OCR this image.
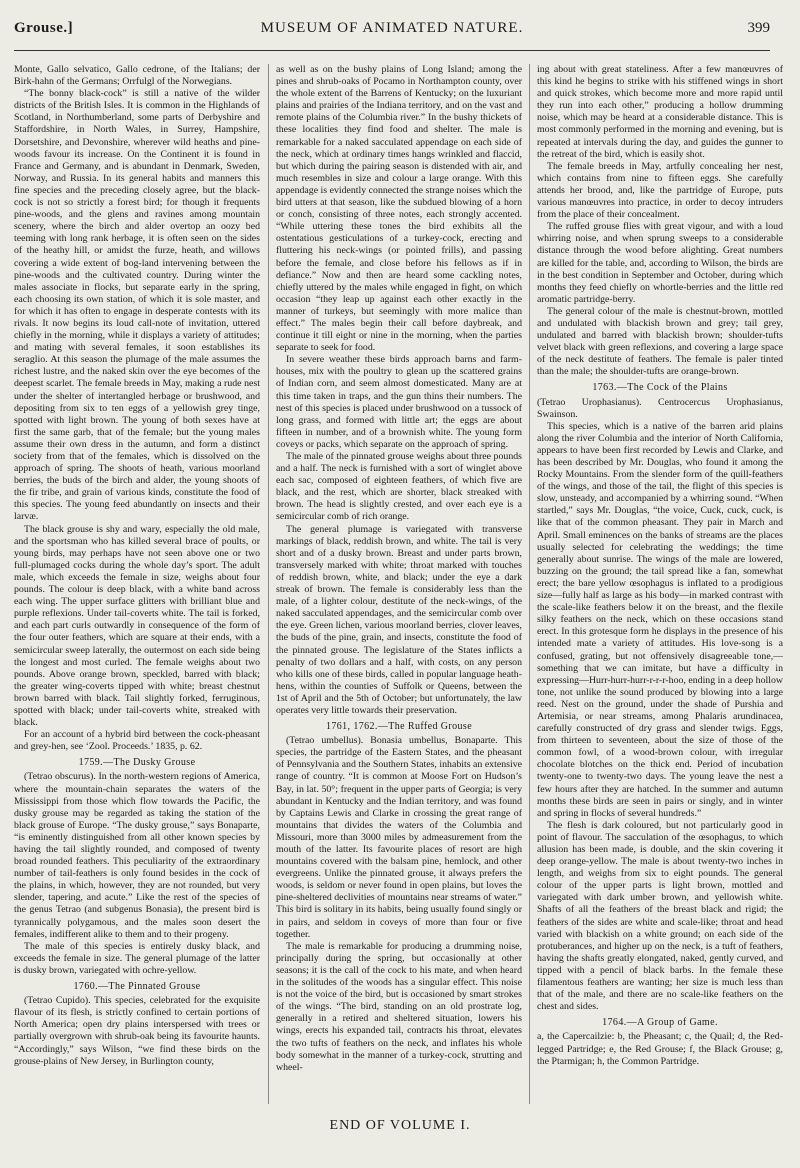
Grouse.]	MUSEUM OF ANIMATED NATURE.	399

Monte, Gallo selvatico, Gallo cedrone, of the Italians; der Birk-hahn of the Germans; Orrfulgl of the Norwegians.

“The bonny black-cock” is still a native of the wilder districts of the British Isles. It is common in the Highlands of Scotland, in Northumberland, some parts of Derbyshire and Staffordshire, in North Wales, in Surrey, Hampshire, Dorsetshire, and Devonshire, wherever wild heaths and pine-woods favour its increase. On the Continent it is found in France and Germany, and is abundant in Denmark, Sweden, Norway, and Russia. In its general habits and manners this fine species and the preceding closely agree, but the black-cock is not so strictly a forest bird; for though it frequents pine-woods, and the glens and ravines among mountain scenery, where the birch and alder overtop an oozy bed teeming with long rank herbage, it is often seen on the sides of the heathy hill, or amidst the furze, heath, and willows covering a wide extent of bog-land intervening between the pine-woods and the cultivated country. During winter the males associate in flocks, but separate early in the spring, each choosing its own station, of which it is sole master, and for which it has often to engage in desperate contests with its rivals. It now begins its loud call-note of invitation, uttered chiefly in the morning, while it displays a variety of attitudes; and mating with several females, it soon establishes its seraglio. At this season the plumage of the male assumes the richest lustre, and the naked skin over the eye becomes of the deepest scarlet. The female breeds in May, making a rude nest under the shelter of intertangled herbage or brushwood, and depositing from six to ten eggs of a yellowish grey tinge, spotted with light brown. The young of both sexes have at first the same garb, that of the female; but the young males assume their own dress in the autumn, and form a distinct society from that of the females, which is dissolved on the approach of spring. The shoots of heath, various moorland berries, the buds of the birch and alder, the young shoots of the fir tribe, and grain of various kinds, constitute the food of this species. The young feed abundantly on insects and their larvæ.

The black grouse is shy and wary, especially the old male, and the sportsman who has killed several brace of poults, or young birds, may perhaps have not seen above one or two full-plumaged cocks during the whole day’s sport. The adult male, which exceeds the female in size, weighs about four pounds. The colour is deep black, with a white band across each wing. The upper surface glitters with brilliant blue and purple reflexions. Under tail-coverts white. The tail is forked, and each part curls outwardly in consequence of the form of the four outer feathers, which are square at their ends, with a semicircular sweep laterally, the outermost on each side being the longest and most curled. The female weighs about two pounds. Above orange brown, speckled, barred with black; the greater wing-coverts tipped with white; breast chestnut brown barred with black. Tail slightly forked, ferruginous, spotted with black; under tail-coverts white, streaked with black.

For an account of a hybrid bird between the cock-pheasant and grey-hen, see ‘Zool. Proceeds.’ 1835, p. 62.

1759.—The Dusky Grouse

(Tetrao obscurus). In the north-western regions of America, where the mountain-chain separates the waters of the Mississippi from those which flow towards the Pacific, the dusky grouse may be regarded as taking the station of the black grouse of Europe. “The dusky grouse,” says Bonaparte, “is eminently distinguished from all other known species by having the tail slightly rounded, and composed of twenty broad rounded feathers. This peculiarity of the extraordinary number of tail-feathers is only found besides in the cock of the plains, in which, however, they are not rounded, but very slender, tapering, and acute.” Like the rest of the species of the genus Tetrao (and subgenus Bonasia), the present bird is tyrannically polygamous, and the males soon desert the females, indifferent alike to them and to their progeny.

The male of this species is entirely dusky black, and exceeds the female in size. The general plumage of the latter is dusky brown, variegated with ochre-yellow.

1760.—The Pinnated Grouse

(Tetrao Cupido). This species, celebrated for the exquisite flavour of its flesh, is strictly confined to certain portions of North America; open dry plains interspersed with trees or partially overgrown with shrub-oak being its favourite haunts. “Accordingly,” says Wilson, “we find these birds on the grouse-plains of New Jersey, in Burlington county,

as well as on the bushy plains of Long Island; among the pines and shrub-oaks of Pocamo in Northampton county, over the whole extent of the Barrens of Kentucky; on the luxuriant plains and prairies of the Indiana territory, and on the vast and remote plains of the Columbia river.” In the bushy thickets of these localities they find food and shelter. The male is remarkable for a naked sacculated appendage on each side of the neck, which at ordinary times hangs wrinkled and flaccid, but which during the pairing season is distended with air, and much resembles in size and colour a large orange. With this appendage is evidently connected the strange noises which the bird utters at that season, like the subdued blowing of a horn or conch, consisting of three notes, each strongly accented. “While uttering these tones the bird exhibits all the ostentatious gesticulations of a turkey-cock, erecting and fluttering his neck-wings (or pointed frills), and passing before the female, and close before his fellows as if in defiance.” Now and then are heard some cackling notes, chiefly uttered by the males while engaged in fight, on which occasion “they leap up against each other exactly in the manner of turkeys, but seemingly with more malice than effect.” The males begin their call before daybreak, and continue it till eight or nine in the morning, when the parties separate to seek for food.

In severe weather these birds approach barns and farm-houses, mix with the poultry to glean up the scattered grains of Indian corn, and seem almost domesticated. Many are at this time taken in traps, and the gun thins their numbers. The nest of this species is placed under brushwood on a tussock of long grass, and formed with little art; the eggs are about fifteen in number, and of a brownish white. The young form coveys or packs, which separate on the approach of spring.

The male of the pinnated grouse weighs about three pounds and a half. The neck is furnished with a sort of winglet above each sac, composed of eighteen feathers, of which five are black, and the rest, which are shorter, black streaked with brown. The head is slightly crested, and over each eye is a semicircular comb of rich orange.

The general plumage is variegated with transverse markings of black, reddish brown, and white. The tail is very short and of a dusky brown. Breast and under parts brown, transversely marked with white; throat marked with touches of reddish brown, white, and black; under the eye a dark streak of brown. The female is considerably less than the male, of a lighter colour, destitute of the neck-wings, of the naked sacculated appendages, and the semicircular comb over the eye. Green lichen, various moorland berries, clover leaves, the buds of the pine, grain, and insects, constitute the food of the pinnated grouse. The legislature of the States inflicts a penalty of two dollars and a half, with costs, on any person who kills one of these birds, called in popular language heath-hens, within the counties of Suffolk or Queens, between the 1st of April and the 5th of October; but unfortunately, the law operates very little towards their preservation.

1761, 1762.—The Ruffed Grouse

(Tetrao umbellus). Bonasia umbellus, Bonaparte. This species, the partridge of the Eastern States, and the pheasant of Pennsylvania and the Southern States, inhabits an extensive range of country. “It is common at Moose Fort on Hudson’s Bay, in lat. 50°; frequent in the upper parts of Georgia; is very abundant in Kentucky and the Indian territory, and was found by Captains Lewis and Clarke in crossing the great range of mountains that divides the waters of the Columbia and Missouri, more than 3000 miles by admeasurement from the mouth of the latter. Its favourite places of resort are high mountains covered with the balsam pine, hemlock, and other evergreens. Unlike the pinnated grouse, it always prefers the woods, is seldom or never found in open plains, but loves the pine-sheltered declivities of mountains near streams of water.” This bird is solitary in its habits, being usually found singly or in pairs, and seldom in coveys of more than four or five together.

The male is remarkable for producing a drumming noise, principally during the spring, but occasionally at other seasons; it is the call of the cock to his mate, and when heard in the solitudes of the woods has a singular effect. This noise is not the voice of the bird, but is occasioned by smart strokes of the wings. “The bird, standing on an old prostrate log, generally in a retired and sheltered situation, lowers his wings, erects his expanded tail, contracts his throat, elevates the two tufts of feathers on the neck, and inflates his whole body somewhat in the manner of a turkey-cock, strutting and wheel-

ing about with great stateliness. After a few manœuvres of this kind he begins to strike with his stiffened wings in short and quick strokes, which become more and more rapid until they run into each other,” producing a hollow drumming noise, which may be heard at a considerable distance. This is most commonly performed in the morning and evening, but is repeated at intervals during the day, and guides the gunner to the retreat of the bird, which is easily shot.

The female breeds in May, artfully concealing her nest, which contains from nine to fifteen eggs. She carefully attends her brood, and, like the partridge of Europe, puts various manœuvres into practice, in order to decoy intruders from the place of their concealment.

The ruffed grouse flies with great vigour, and with a loud whirring noise, and when sprung sweeps to a considerable distance through the wood before alighting. Great numbers are killed for the table, and, according to Wilson, the birds are in the best condition in September and October, during which months they feed chiefly on whortle-berries and the little red aromatic partridge-berry.

The general colour of the male is chestnut-brown, mottled and undulated with blackish brown and grey; tail grey, undulated and barred with blackish brown; shoulder-tufts velvet black with green reflexions, and covering a large space of the neck destitute of feathers. The female is paler tinted than the male; the shoulder-tufts are orange-brown.

1763.—The Cock of the Plains

(Tetrao Urophasianus). Centrocercus Urophasianus, Swainson.

This species, which is a native of the barren arid plains along the river Columbia and the interior of North California, appears to have been first recorded by Lewis and Clarke, and has been described by Mr. Douglas, who found it among the Rocky Mountains. From the slender form of the quill-feathers of the wings, and those of the tail, the flight of this species is slow, unsteady, and accompanied by a whirring sound. “When startled,” says Mr. Douglas, “the voice, Cuck, cuck, cuck, is like that of the common pheasant. They pair in March and April. Small eminences on the banks of streams are the places usually selected for celebrating the weddings; the time generally about sunrise. The wings of the male are lowered, buzzing on the ground; the tail spread like a fan, somewhat erect; the bare yellow œsophagus is inflated to a prodigious size—fully half as large as his body—in marked contrast with the scale-like feathers below it on the breast, and the flexile silky feathers on the neck, which on these occasions stand erect. In this grotesque form he displays in the presence of his intended mate a variety of attitudes. His love-song is a confused, grating, but not offensively disagreeable tone,—something that we can imitate, but have a difficulty in expressing—Hurr-hurr-hurr-r-r-r-hoo, ending in a deep hollow tone, not unlike the sound produced by blowing into a large reed. Nest on the ground, under the shade of Purshia and Artemisia, or near streams, among Phalaris arundinacea, carefully constructed of dry grass and slender twigs. Eggs, from thirteen to seventeen, about the size of those of the common fowl, of a wood-brown colour, with irregular chocolate blotches on the thick end. Period of incubation twenty-one to twenty-two days. The young leave the nest a few hours after they are hatched. In the summer and autumn months these birds are seen in pairs or singly, and in winter and spring in flocks of several hundreds.”

The flesh is dark coloured, but not particularly good in point of flavour. The sacculation of the œsophagus, to which allusion has been made, is double, and the skin covering it deep orange-yellow. The male is about twenty-two inches in length, and weighs from six to eight pounds. The general colour of the upper parts is light brown, mottled and variegated with dark umber brown, and yellowish white. Shafts of all the feathers of the breast black and rigid; the feathers of the sides are white and scale-like; throat and head varied with blackish on a white ground; on each side of the protuberances, and higher up on the neck, is a tuft of feathers, having the shafts greatly elongated, naked, gently curved, and tipped with a pencil of black barbs. In the female these filamentous feathers are wanting; her size is much less than that of the male, and there are no scale-like feathers on the chest and sides.

1764.—A Group of Game.

a, the Capercailzie: b, the Pheasant; c, the Quail; d, the Red-legged Partridge; e, the Red Grouse; f, the Black Grouse; g, the Ptarmigan; h, the Common Partridge.

END OF VOLUME I.
